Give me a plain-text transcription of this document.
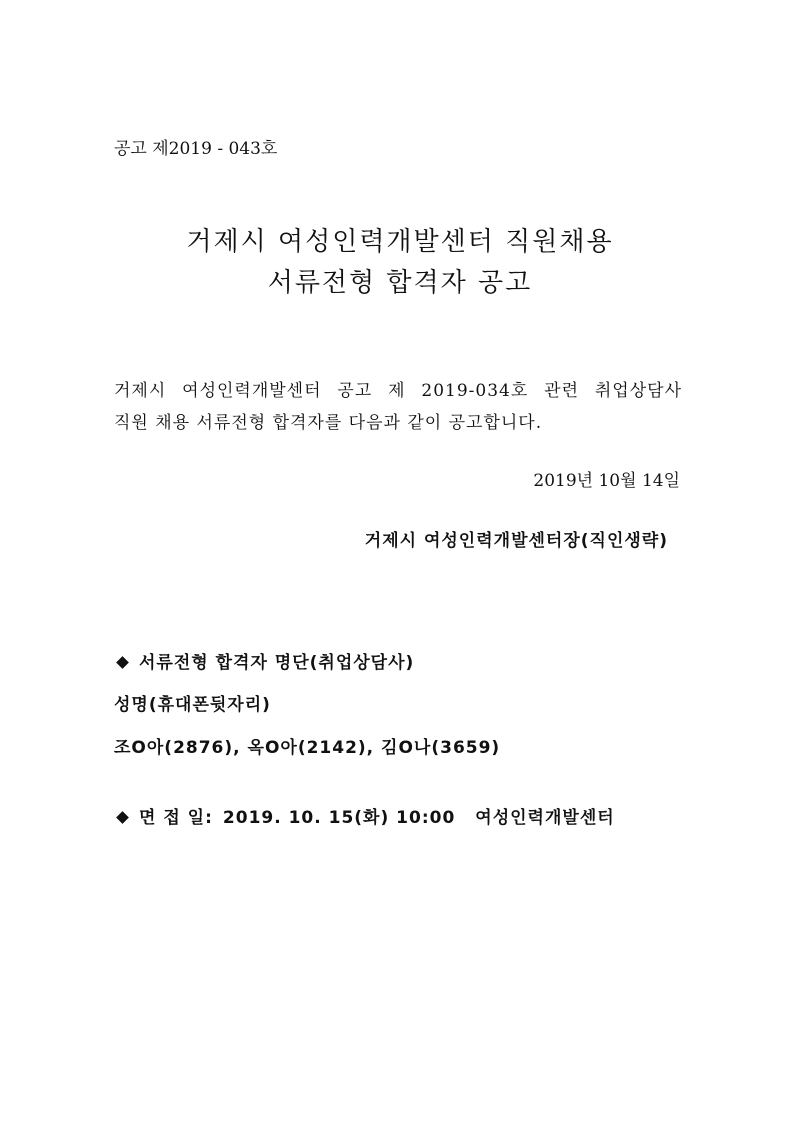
공고 제2019 - 043호
거제시 여성인력개발센터 직원채용
서류전형 합격자 공고
거제시 여성인력개발센터 공고 제 2019-034호 관련 취업상담사
직원 채용 서류전형 합격자를 다음과 같이 공고합니다.
2019년 10월 14일
거제시 여성인력개발센터장(직인생략)
서류전형 합격자 명단(취업상담사)
성명(휴대폰뒷자리)
조O아(2876), 옥O아(2142), 김O나(3659)
면 접 일: 2019. 10. 15(화) 10:00 여성인력개발센터
